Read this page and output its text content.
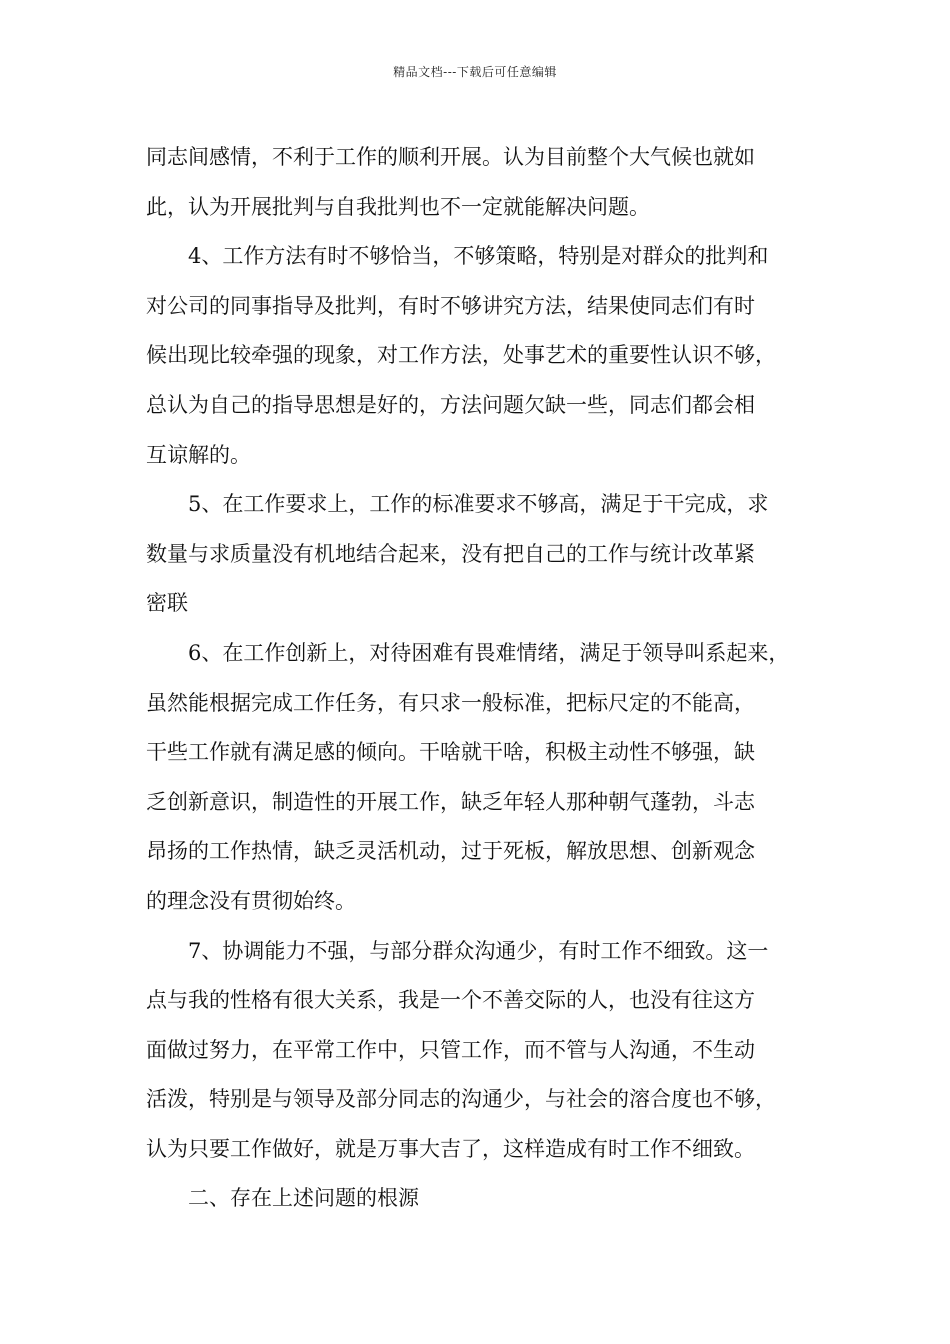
精品文档---下载后可任意编辑
同志间感情，不利于工作的顺利开展。认为目前整个大气候也就如
此，认为开展批判与自我批判也不一定就能解决问题。
4、工作方法有时不够恰当，不够策略，特别是对群众的批判和
对公司的同事指导及批判，有时不够讲究方法，结果使同志们有时
候出现比较牵强的现象，对工作方法，处事艺术的重要性认识不够，
总认为自己的指导思想是好的，方法问题欠缺一些，同志们都会相
互谅解的。
5、在工作要求上，工作的标准要求不够高，满足于干完成，求
数量与求质量没有机地结合起来，没有把自己的工作与统计改革紧
密联
6、在工作创新上，对待困难有畏难情绪，满足于领导叫系起来，
虽然能根据完成工作任务，有只求一般标准，把标尺定的不能高，
干些工作就有满足感的倾向。干啥就干啥，积极主动性不够强，缺
乏创新意识，制造性的开展工作，缺乏年轻人那种朝气蓬勃，斗志
昂扬的工作热情，缺乏灵活机动，过于死板，解放思想、创新观念
的理念没有贯彻始终。
7、协调能力不强，与部分群众沟通少，有时工作不细致。这一
点与我的性格有很大关系，我是一个不善交际的人，也没有往这方
面做过努力，在平常工作中，只管工作，而不管与人沟通，不生动
活泼，特别是与领导及部分同志的沟通少，与社会的溶合度也不够，
认为只要工作做好，就是万事大吉了，这样造成有时工作不细致。
二、存在上述问题的根源
